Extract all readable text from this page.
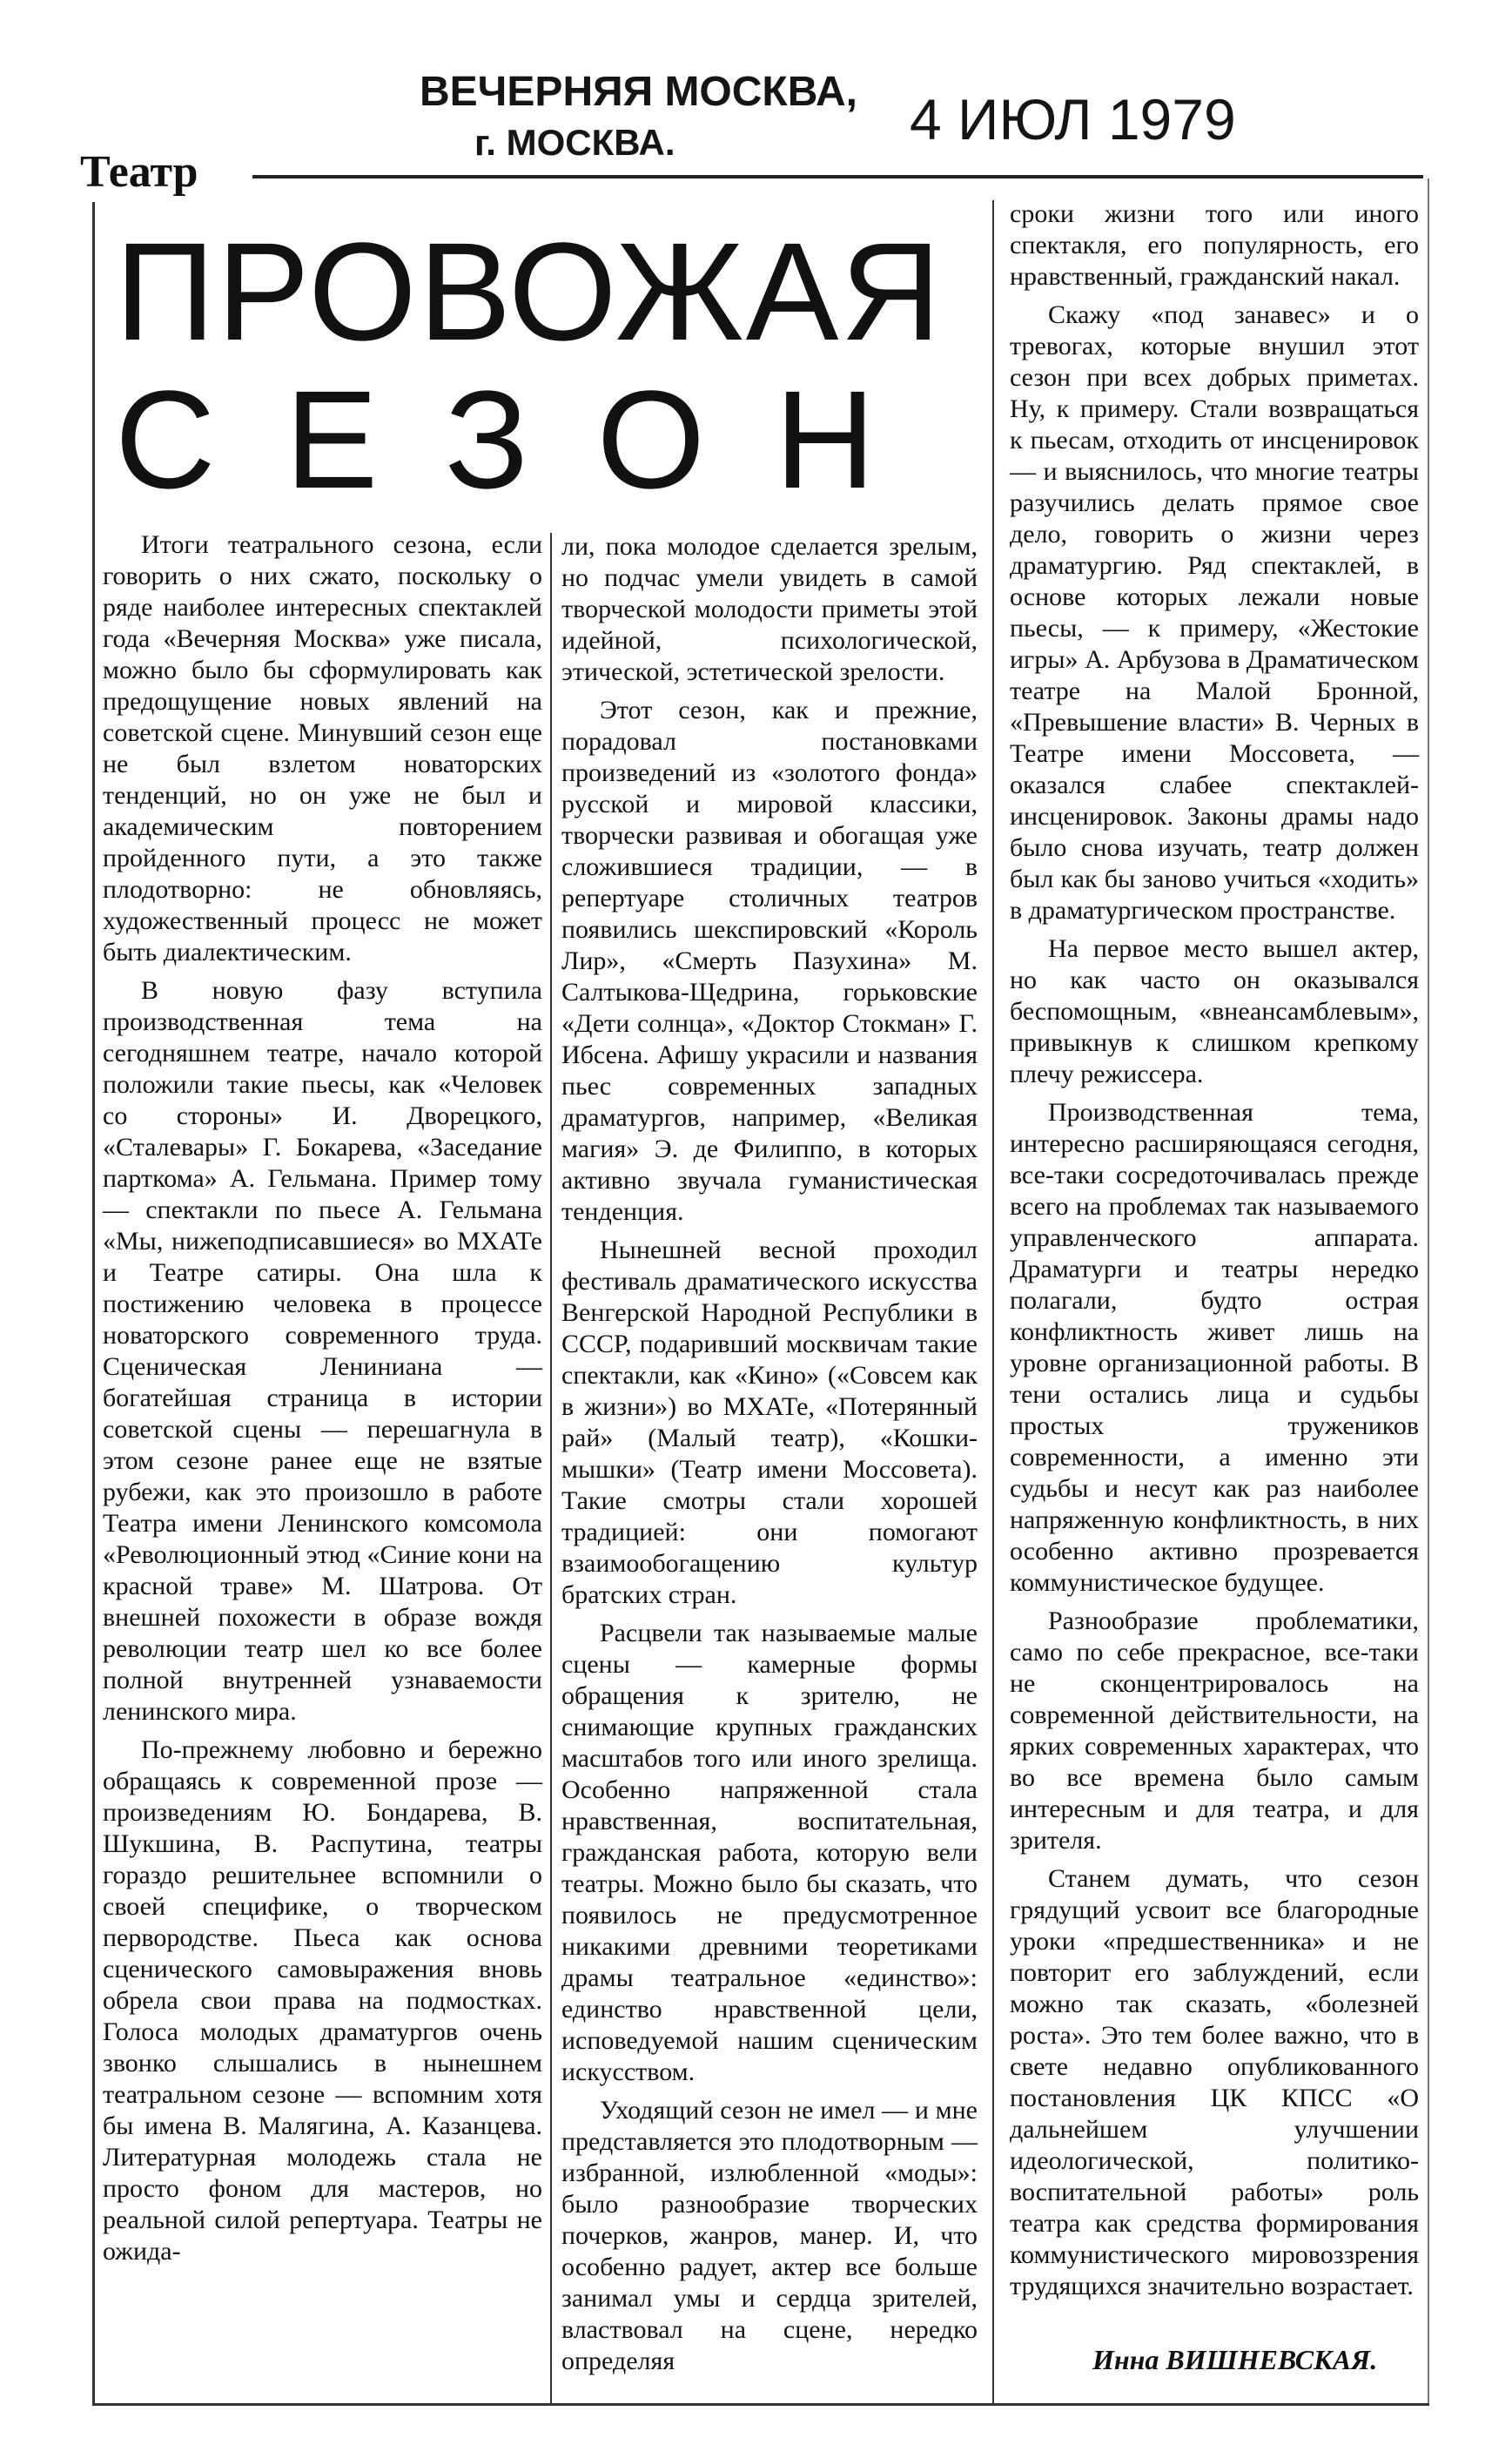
ВЕЧЕРНЯЯ МОСКВА,
г. МОСКВА.	4 ИЮЛ 1979
Театр
ПРОВОЖАЯ
СЕЗОН

Итоги театрального сезона, если говорить о них сжато, поскольку о ряде наиболее интересных спектаклей года «Вечерняя Москва» уже писала, можно было бы сформулировать как предощущение новых явлений на советской сцене. Минувший сезон еще не был взлетом новаторских тенденций, но он уже не был и академическим повторением пройденного пути, а это также плодотворно: не обновляясь, художественный процесс не может быть диалектическим.

В новую фазу вступила производственная тема на сегодняшнем театре, начало которой положили такие пьесы, как «Человек со стороны» И. Дворецкого, «Сталевары» Г. Бокарева, «Заседание парткома» А. Гельмана. Пример тому — спектакли по пьесе А. Гельмана «Мы, нижеподписавшиеся» во МХАТе и Театре сатиры. Она шла к постижению человека в процессе новаторского современного труда. Сценическая Лениниана — богатейшая страница в истории советской сцены — перешагнула в этом сезоне ранее еще не взятые рубежи, как это произошло в работе Театра имени Ленинского комсомола «Революционный этюд «Синие кони на красной траве» М. Шатрова. От внешней похожести в образе вождя революции театр шел ко все более полной внутренней узнаваемости ленинского мира.

По-прежнему любовно и бережно обращаясь к современной прозе — произведениям Ю. Бондарева, В. Шукшина, В. Распутина, театры гораздо решительнее вспомнили о своей специфике, о творческом первородстве. Пьеса как основа сценического самовыражения вновь обрела свои права на подмостках. Голоса молодых драматургов очень звонко слышались в нынешнем театральном сезоне — вспомним хотя бы имена В. Малягина, А. Казанцева. Литературная молодежь стала не просто фоном для мастеров, но реальной силой репертуара. Театры не ожида-

ли, пока молодое сделается зрелым, но подчас умели увидеть в самой творческой молодости приметы этой идейной, психологической, этической, эстетической зрелости.

Этот сезон, как и прежние, порадовал постановками произведений из «золотого фонда» русской и мировой классики, творчески развивая и обогащая уже сложившиеся традиции, — в репертуаре столичных театров появились шекспировский «Король Лир», «Смерть Пазухина» М. Салтыкова-Щедрина, горьковские «Дети солнца», «Доктор Стокман» Г. Ибсена. Афишу украсили и названия пьес современных западных драматургов, например, «Великая магия» Э. де Филиппо, в которых активно звучала гуманистическая тенденция.

Нынешней весной проходил фестиваль драматического искусства Венгерской Народной Республики в СССР, подаривший москвичам такие спектакли, как «Кино» («Совсем как в жизни») во МХАТе, «Потерянный рай» (Малый театр), «Кошки-мышки» (Театр имени Моссовета). Такие смотры стали хорошей традицией: они помогают взаимообогащению культур братских стран.

Расцвели так называемые малые сцены — камерные формы обращения к зрителю, не снимающие крупных гражданских масштабов того или иного зрелища. Особенно напряженной стала нравственная, воспитательная, гражданская работа, которую вели театры. Можно было бы сказать, что появилось не предусмотренное никакими древними теоретиками драмы театральное «единство»: единство нравственной цели, исповедуемой нашим сценическим искусством.

Уходящий сезон не имел — и мне представляется это плодотворным — избранной, излюбленной «моды»: было разнообразие творческих почерков, жанров, манер. И, что особенно радует, актер все больше занимал умы и сердца зрителей, властвовал на сцене, нередко определяя

сроки жизни того или иного спектакля, его популярность, его нравственный, гражданский накал.

Скажу «под занавес» и о тревогах, которые внушил этот сезон при всех добрых приметах. Ну, к примеру. Стали возвращаться к пьесам, отходить от инсценировок — и выяснилось, что многие театры разучились делать прямое свое дело, говорить о жизни через драматургию. Ряд спектаклей, в основе которых лежали новые пьесы, — к примеру, «Жестокие игры» А. Арбузова в Драматическом театре на Малой Бронной, «Превышение власти» В. Черных в Театре имени Моссовета, — оказался слабее спектаклей-инсценировок. Законы драмы надо было снова изучать, театр должен был как бы заново учиться «ходить» в драматургическом пространстве.

На первое место вышел актер, но как часто он оказывался беспомощным, «внеансамблевым», привыкнув к слишком крепкому плечу режиссера.

Производственная тема, интересно расширяющаяся сегодня, все-таки сосредоточивалась прежде всего на проблемах так называемого управленческого аппарата. Драматурги и театры нередко полагали, будто острая конфликтность живет лишь на уровне организационной работы. В тени остались лица и судьбы простых тружеников современности, а именно эти судьбы и несут как раз наиболее напряженную конфликтность, в них особенно активно прозревается коммунистическое будущее.

Разнообразие проблематики, само по себе прекрасное, все-таки не сконцентрировалось на современной действительности, на ярких современных характерах, что во все времена было самым интересным и для театра, и для зрителя.

Станем думать, что сезон грядущий усвоит все благородные уроки «предшественника» и не повторит его заблуждений, если можно так сказать, «болезней роста». Это тем более важно, что в свете недавно опубликованного постановления ЦК КПСС «О дальнейшем улучшении идеологической, политико-воспитательной работы» роль театра как средства формирования коммунистического мировоззрения трудящихся значительно возрастает.

Инна ВИШНЕВСКАЯ.
